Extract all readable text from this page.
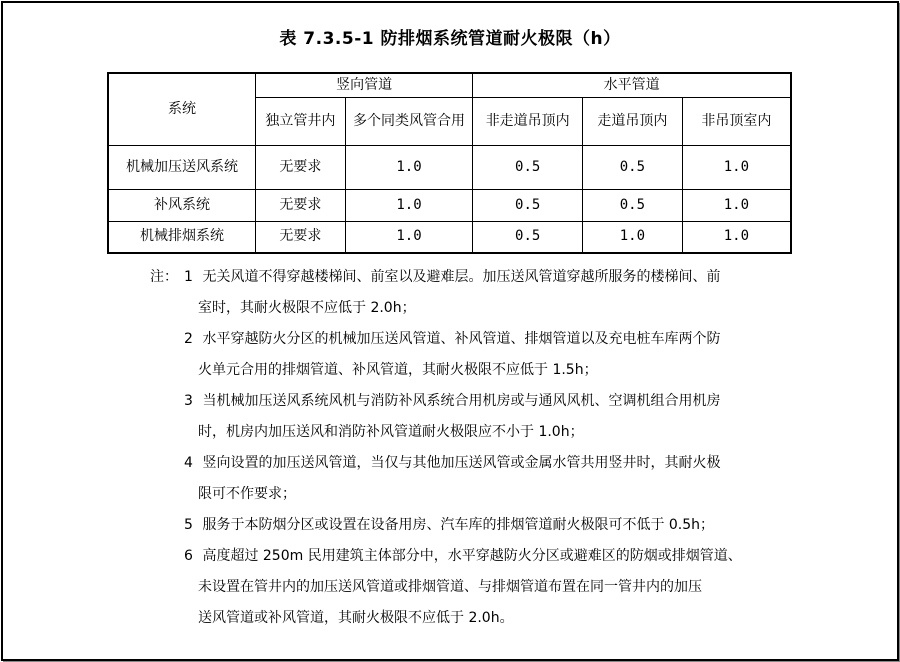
表 7.3.5-1 防排烟系统管道耐火极限（h）
系统	竖向管道		水平管道		
	独立管井内	多个同类风管合用	非走道吊顶内	走道吊顶内	非吊顶室内
机械加压送风系统	无要求	1.0	0.5	0.5	1.0
补风系统	无要求	1.0	0.5	0.5	1.0
机械排烟系统	无要求	1.0	0.5	1.0	1.0
注： 1 无关风道不得穿越楼梯间、前室以及避难层。加压送风管道穿越所服务的楼梯间、前
室时，其耐火极限不应低于 2.0h；
2 水平穿越防火分区的机械加压送风管道、补风管道、排烟管道以及充电桩车库两个防
火单元合用的排烟管道、补风管道，其耐火极限不应低于 1.5h；
3 当机械加压送风系统风机与消防补风系统合用机房或与通风风机、空调机组合用机房
时，机房内加压送风和消防补风管道耐火极限应不小于 1.0h；
4 竖向设置的加压送风管道，当仅与其他加压送风管或金属水管共用竖井时，其耐火极
限可不作要求；
5 服务于本防烟分区或设置在设备用房、汽车库的排烟管道耐火极限可不低于 0.5h；
6 高度超过 250m 民用建筑主体部分中，水平穿越防火分区或避难区的防烟或排烟管道、
未设置在管井内的加压送风管道或排烟管道、与排烟管道布置在同一管井内的加压
送风管道或补风管道，其耐火极限不应低于 2.0h。
